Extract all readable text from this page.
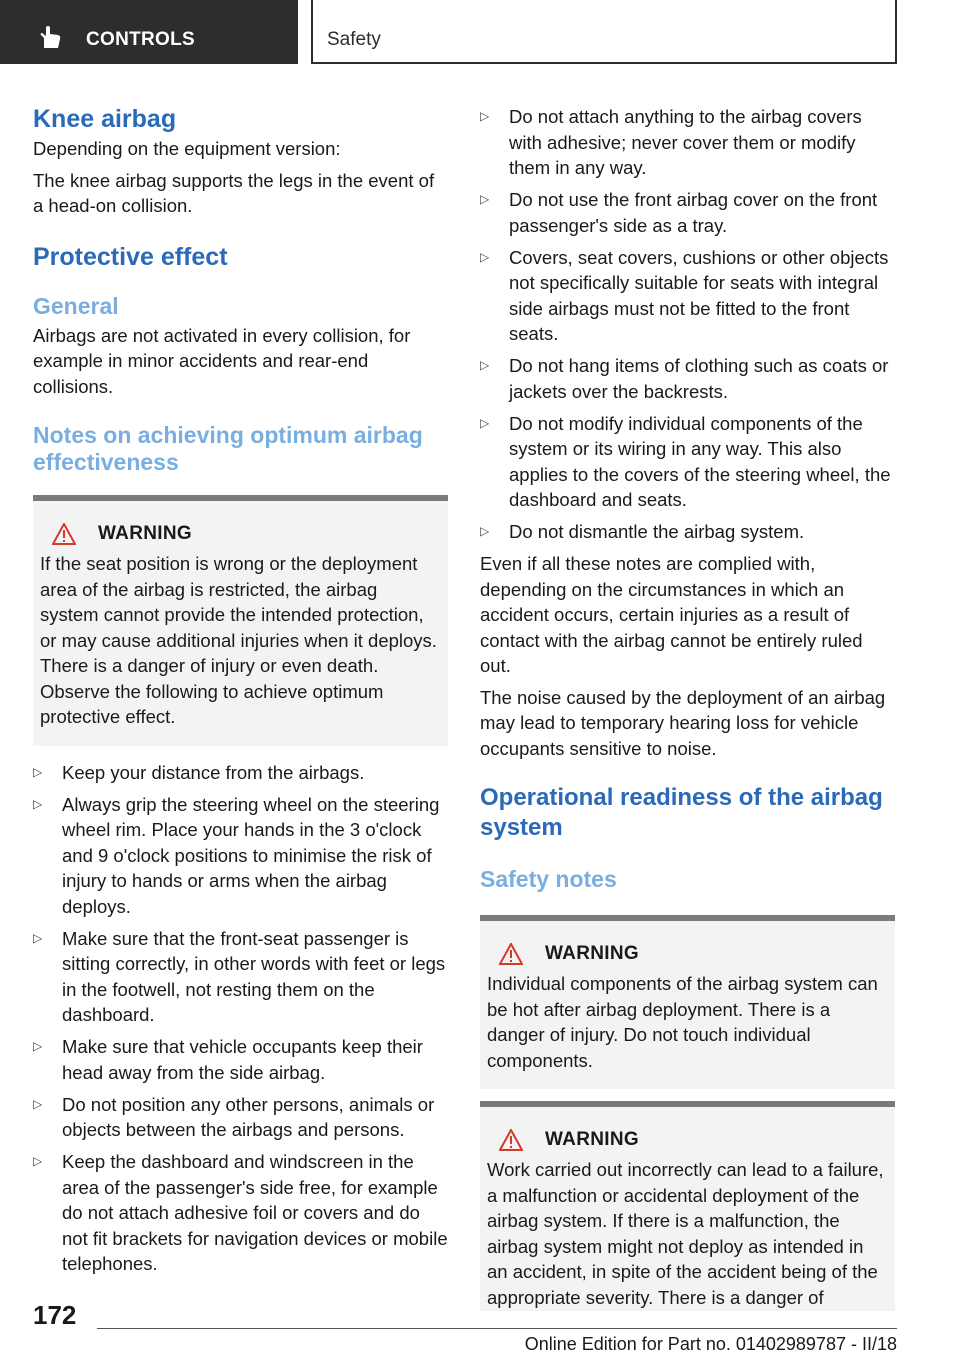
CONTROLS	Safety
Knee airbag

Depending on the equipment version:

The knee airbag supports the legs in the event of a head-on collision.

Protective effect
General

Airbags are not activated in every collision, for example in minor accidents and rear-end collisions.

Notes on achieving optimum airbag effectiveness
WARNING

If the seat position is wrong or the deployment area of the airbag is restricted, the airbag system cannot provide the intended protection, or may cause additional injuries when it deploys. There is a danger of injury or even death. Observe the following to achieve optimum protective effect.

▷ Keep your distance from the airbags.
▷ Always grip the steering wheel on the steering wheel rim. Place your hands in the 3 o'clock and 9 o'clock positions to minimise the risk of injury to hands or arms when the airbag deploys.
▷ Make sure that the front-seat passenger is sitting correctly, in other words with feet or legs in the footwell, not resting them on the dashboard.
▷ Make sure that vehicle occupants keep their head away from the side airbag.
▷ Do not position any other persons, animals or objects between the airbags and persons.
▷ Keep the dashboard and windscreen in the area of the passenger's side free, for example do not attach adhesive foil or covers and do not fit brackets for navigation devices or mobile telephones.
▷ Do not attach anything to the airbag covers with adhesive; never cover them or modify them in any way.
▷ Do not use the front airbag cover on the front passenger's side as a tray.
▷ Covers, seat covers, cushions or other objects not specifically suitable for seats with integral side airbags must not be fitted to the front seats.
▷ Do not hang items of clothing such as coats or jackets over the backrests.
▷ Do not modify individual components of the system or its wiring in any way. This also applies to the covers of the steering wheel, the dashboard and seats.
▷ Do not dismantle the airbag system.

Even if all these notes are complied with, depending on the circumstances in which an accident occurs, certain injuries as a result of contact with the airbag cannot be entirely ruled out.

The noise caused by the deployment of an airbag may lead to temporary hearing loss for vehicle occupants sensitive to noise.

Operational readiness of the airbag system
Safety notes
WARNING

Individual components of the airbag system can be hot after airbag deployment. There is a danger of injury. Do not touch individual components.

WARNING

Work carried out incorrectly can lead to a failure, a malfunction or accidental deployment of the airbag system. If there is a malfunction, the airbag system might not deploy as intended in an accident, in spite of the accident being of the appropriate severity. There is a danger of

172
Online Edition for Part no. 01402989787 - II/18
